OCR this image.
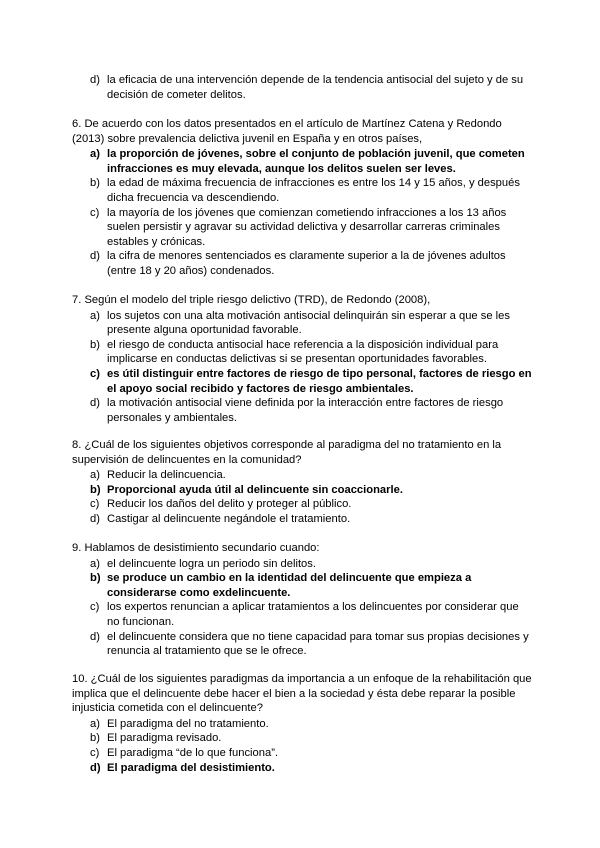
d) la eficacia de una intervención depende de la tendencia antisocial del sujeto y de su decisión de cometer delitos.

6. De acuerdo con los datos presentados en el artículo de Martínez Catena y Redondo (2013) sobre prevalencia delictiva juvenil en España y en otros países,

a) la proporción de jóvenes, sobre el conjunto de población juvenil, que cometen infracciones es muy elevada, aunque los delitos suelen ser leves.
b) la edad de máxima frecuencia de infracciones es entre los 14 y 15 años, y después dicha frecuencia va descendiendo.
c) la mayoría de los jóvenes que comienzan cometiendo infracciones a los 13 años suelen persistir y agravar su actividad delictiva y desarrollar carreras criminales estables y crónicas.
d) la cifra de menores sentenciados es claramente superior a la de jóvenes adultos (entre 18 y 20 años) condenados.

7. Según el modelo del triple riesgo delictivo (TRD), de Redondo (2008),

a) los sujetos con una alta motivación antisocial delinquirán sin esperar a que se les presente alguna oportunidad favorable.
b) el riesgo de conducta antisocial hace referencia a la disposición individual para implicarse en conductas delictivas si se presentan oportunidades favorables.
c) es útil distinguir entre factores de riesgo de tipo personal, factores de riesgo en el apoyo social recibido y factores de riesgo ambientales.
d) la motivación antisocial viene definida por la interacción entre factores de riesgo personales y ambientales.

8. ¿Cuál de los siguientes objetivos corresponde al paradigma del no tratamiento en la supervisión de delincuentes en la comunidad?

a) Reducir la delincuencia.
b) Proporcional ayuda útil al delincuente sin coaccionarle.
c) Reducir los daños del delito y proteger al público.
d) Castigar al delincuente negándole el tratamiento.

9. Hablamos de desistimiento secundario cuando:

a) el delincuente logra un periodo sin delitos.
b) se produce un cambio en la identidad del delincuente que empieza a considerarse como exdelincuente.
c) los expertos renuncian a aplicar tratamientos a los delincuentes por considerar que no funcionan.
d) el delincuente considera que no tiene capacidad para tomar sus propias decisiones y renuncia al tratamiento que se le ofrece.

10. ¿Cuál de los siguientes paradigmas da importancia a un enfoque de la rehabilitación que implica que el delincuente debe hacer el bien a la sociedad y ésta debe reparar la posible injusticia cometida con el delincuente?

a) El paradigma del no tratamiento.
b) El paradigma revisado.
c) El paradigma “de lo que funciona”.
d) El paradigma del desistimiento.
